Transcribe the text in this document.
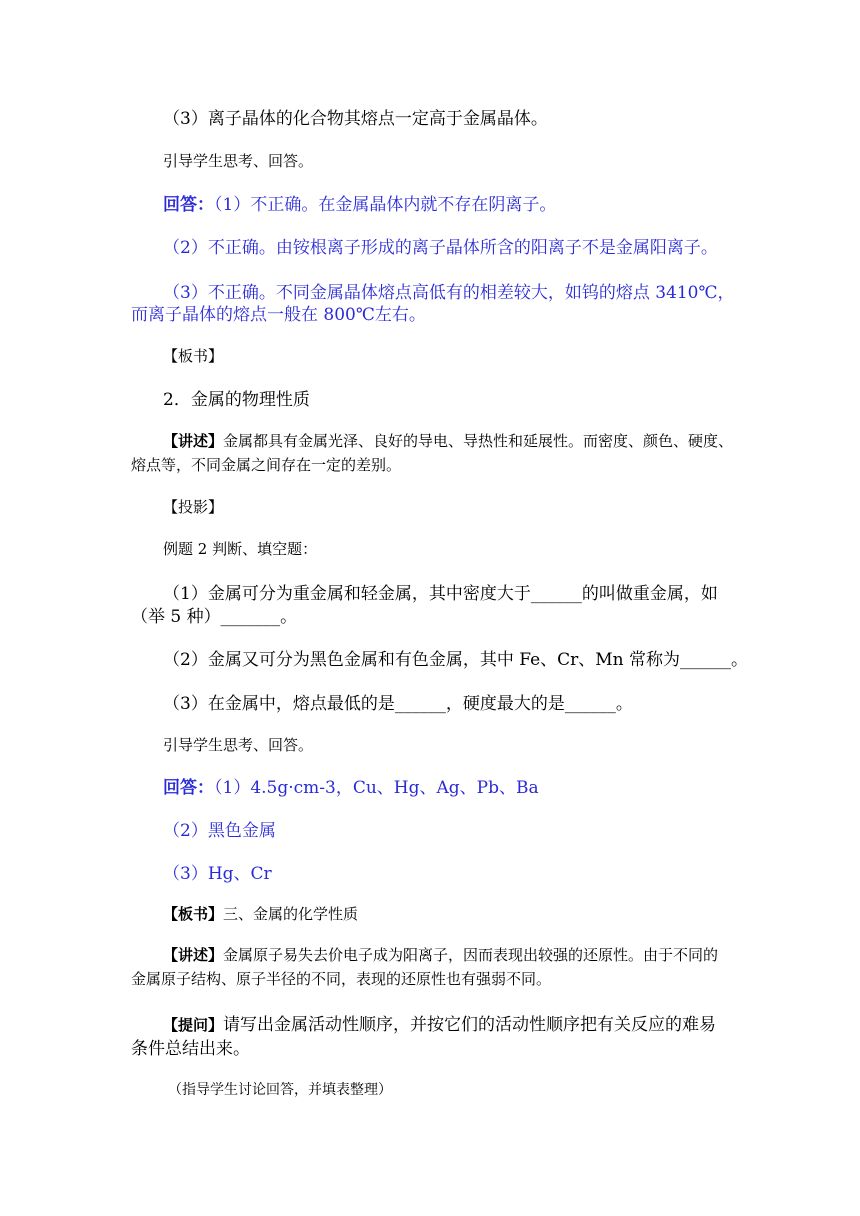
（3）离子晶体的化合物其熔点一定高于金属晶体。
引导学生思考、回答。
回答：（1）不正确。在金属晶体内就不存在阴离子。
（2）不正确。由铵根离子形成的离子晶体所含的阳离子不是金属阳离子。
（3）不正确。不同金属晶体熔点高低有的相差较大，如钨的熔点 3410℃，
而离子晶体的熔点一般在 800℃左右。
【板书】
2．金属的物理性质
【讲述】金属都具有金属光泽、良好的导电、导热性和延展性。而密度、颜色、硬度、
熔点等，不同金属之间存在一定的差别。
【投影】
例题 2 判断、填空题：
（1）金属可分为重金属和轻金属，其中密度大于______的叫做重金属，如
（举 5 种）_______。
（2）金属又可分为黑色金属和有色金属，其中 Fe、Cr、Mn 常称为______。
（3）在金属中，熔点最低的是______，硬度最大的是______。
引导学生思考、回答。
回答：（1）4.5g·cm-3，Cu、Hg、Ag、Pb、Ba
（2）黑色金属
（3）Hg、Cr
【板书】三、金属的化学性质
【讲述】金属原子易失去价电子成为阳离子，因而表现出较强的还原性。由于不同的
金属原子结构、原子半径的不同，表现的还原性也有强弱不同。
【提问】请写出金属活动性顺序，并按它们的活动性顺序把有关反应的难易
条件总结出来。
（指导学生讨论回答，并填表整理）
